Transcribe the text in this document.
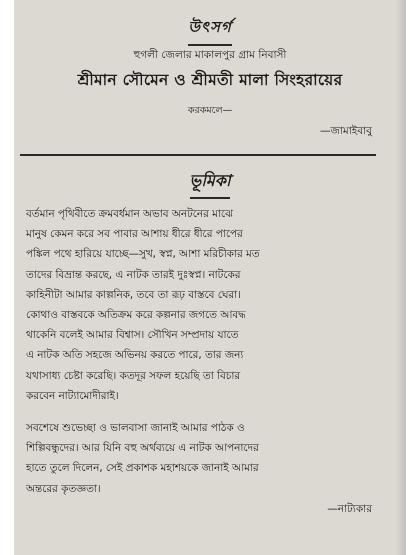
উৎসর্গ
হুগলী জেলার মাকালপুর গ্রাম নিবাসী
শ্রীমান সৌমেন ও শ্রীমতী মালা সিংহরায়ের
করকমলে—
—জামাইবাবু
ভূমিকা
বর্তমান পৃথিবীতে ক্রমবর্ধমান অভাব অনটনের মাঝে
মানুষ কেমন করে সব পাবার আশায় ধীরে ধীরে পাপের
পঙ্কিল পথে হারিয়ে যাচ্ছে—সুখ, স্বপ্ন, আশা মরিচীকার মত
তাদের বিভ্রান্ত করছে, এ নাটক তারই দুঃস্বপ্ন। নাটকের
কাহিনীটা আমার কাল্পনিক, তবে তা রূঢ় বাস্তবে ঘেরা।
কোথাও বাস্তবকে অতিক্রম করে কল্পনার জগতে আবদ্ধ
থাকেনি বলেই আমার বিশ্বাস। সৌখিন সম্প্রদায় যাতে
এ নাটক অতি সহজে অভিনয় করতে পারে, তার জন্য
যথাসাধ্য চেষ্টা করেছি। কতদূর সফল হয়েছি তা বিচার
করবেন নাট্যামোদীরাই।
সবশেষে শুভেচ্ছা ও ভালবাসা জানাই আমার পাঠক ও
শিল্পিবন্ধুদের। আর যিনি বহু অর্থব্যয়ে এ নাটক আপনাদের
হাতে তুলে দিলেন, সেই প্রকাশক মহাশয়কে জানাই আমার
অন্তরের কৃতজ্ঞতা।
—নাট্যকার
